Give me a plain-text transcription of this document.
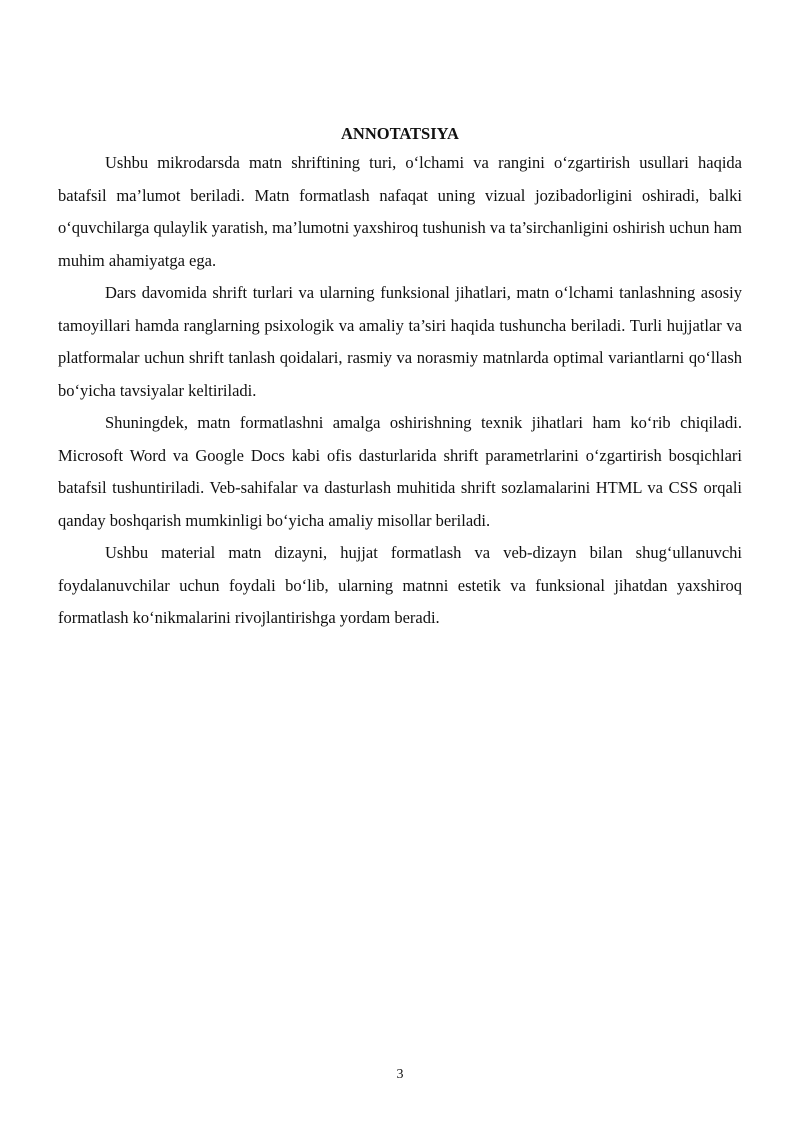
ANNOTATSIYA

Ushbu mikrodarsda matn shriftining turi, o‘lchami va rangini o‘zgartirish usullari haqida batafsil ma’lumot beriladi. Matn formatlash nafaqat uning vizual jozibadorligini oshiradi, balki o‘quvchilarga qulaylik yaratish, ma’lumotni yaxshiroq tushunish va ta’sirchanligini oshirish uchun ham muhim ahamiyatga ega.

Dars davomida shrift turlari va ularning funksional jihatlari, matn o‘lchami tanlashning asosiy tamoyillari hamda ranglarning psixologik va amaliy ta’siri haqida tushuncha beriladi. Turli hujjatlar va platformalar uchun shrift tanlash qoidalari, rasmiy va norasmiy matnlarda optimal variantlarni qo‘llash bo‘yicha tavsiyalar keltiriladi.

Shuningdek, matn formatlashni amalga oshirishning texnik jihatlari ham ko‘rib chiqiladi. Microsoft Word va Google Docs kabi ofis dasturlarida shrift parametrlarini o‘zgartirish bosqichlari batafsil tushuntiriladi. Veb-sahifalar va dasturlash muhitida shrift sozlamalarini HTML va CSS orqali qanday boshqarish mumkinligi bo‘yicha amaliy misollar beriladi.

Ushbu material matn dizayni, hujjat formatlash va veb-dizayn bilan shug‘ullanuvchi foydalanuvchilar uchun foydali bo‘lib, ularning matnni estetik va funksional jihatdan yaxshiroq formatlash ko‘nikmalarini rivojlantirishga yordam beradi.

3
